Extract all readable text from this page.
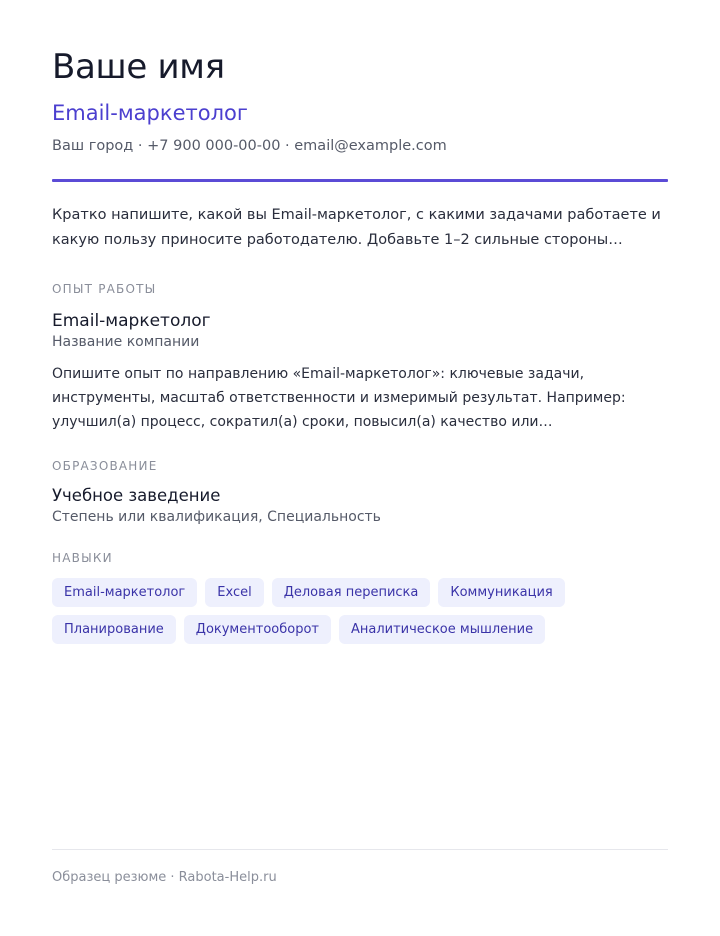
Ваше имя
Email-маркетолог
Ваш город · +7 900 000-00-00 · email@example.com
Кратко напишите, какой вы Email-маркетолог, с какими задачами работаете и какую пользу приносите работодателю. Добавьте 1–2 сильные стороны…
ОПЫТ РАБОТЫ
Email-маркетолог
Название компании
Опишите опыт по направлению «Email-маркетолог»: ключевые задачи, инструменты, масштаб ответственности и измеримый результат. Например: улучшил(а) процесс, сократил(а) сроки, повысил(а) качество или…
ОБРАЗОВАНИЕ
Учебное заведение
Степень или квалификация, Специальность
НАВЫКИ
Email-маркетолог	Excel	Деловая переписка	Коммуникация
Планирование	Документооборот	Аналитическое мышление
Образец резюме · Rabota-Help.ru
